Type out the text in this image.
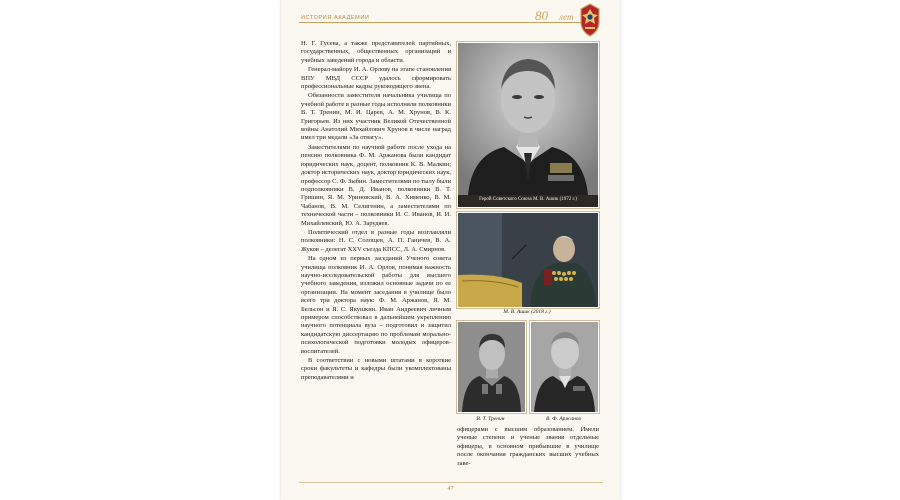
ИСТОРИЯ АКАДЕМИИ	80 лет

Н. Г. Гусева, а также представителей партийных, государственных, общественных организаций и учебных заведений города и области.

Генерал-майору И. А. Орлову на этапе становления ВПУ МВД СССР удалось сформировать профессиональные кадры руководящего звена.

Обязанности заместителя начальника училища по учебной работе в разные годы исполняли полковники В. Т. Тренин, М. И. Царев, А. М. Хрунов, В. К. Григорьев. Из них участник Великой Отечественной войны Анатолий Михайлович Хрунов в числе наград имел три медали «За отвагу».

Заместителями по научной работе после ухода на пенсию полковника Ф. М. Аржанова были кандидат юридических наук, доцент, полковник К. В. Малкин; доктор исторических наук, доктор юридических наук, профессор С. Ф. Зыбин. Заместителями по тылу были подполковники В. Д. Иванов, полковники В. Т. Гришин, Я. М. Уриновский, В. А. Хименко, В. М. Чабанов, В. М. Селигенин, а заместителями по технической части – полковники И. С. Иванов, И. И. Михайлевский, Ю. А. Зарудяев.

Политический отдел в разные годы возглавляли полковники: Н. С. Солощев, А. П. Ганичев, В. А. Жуков – делегат XXV съезда КПСС, Л. А. Смирнов.

На одном из первых заседаний Ученого совета училища полковник И. А. Орлов, понимая важность научно-исследовательской работы для высшего учебного заведения, изложил основные задачи по ее организации. На момент заседания в училище было всего три доктора наук: Ф. М. Аржанов, Я. М. Бельсон и Я. С. Якушкин. Иван Андреевич личным примером способствовал в дальнейшем укреплению научного потенциала вуза – подготовил и защитил кандидатскую диссертацию по проблемам морально-психологической подготовки молодых офицеров-воспитателей.

В соответствии с новыми штатами в короткие сроки факультеты и кафедры были укомплектованы преподавателями и

Герой Советского Союза М. В. Ашик (1972 г.)
М. В. Ашик (2018 г.)
В. Т. Тренин	В. Ф. Аржанов

офицерами с высшим образованием. Имели ученые степени и ученые звания отдельные офицеры, в основном прибывшие в училище после окончания гражданских высших учебных заве-

47
